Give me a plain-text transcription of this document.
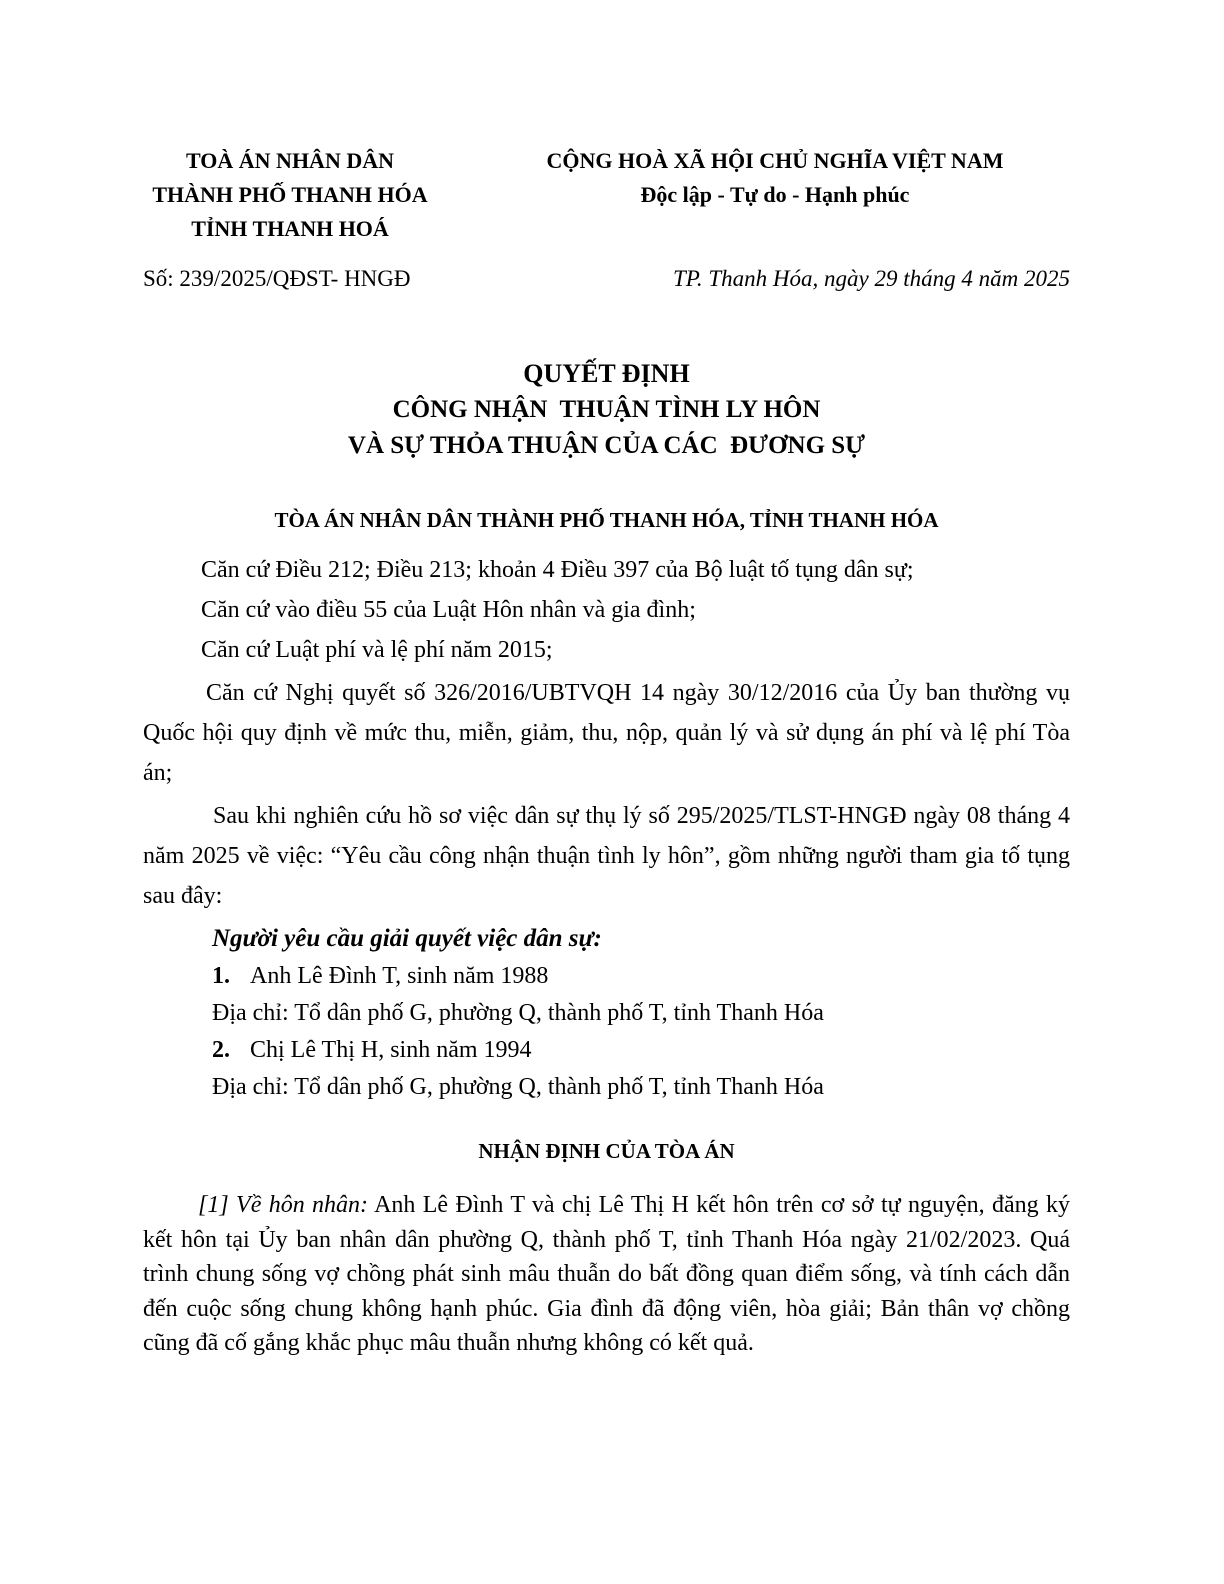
TOÀ ÁN NHÂN DÂN
THÀNH PHỐ THANH HÓA
TỈNH THANH HOÁ
CỘNG HOÀ XÃ HỘI CHỦ NGHĨA VIỆT NAM
Độc lập - Tự do - Hạnh phúc
Số: 239/2025/QĐST- HNGĐ	TP. Thanh Hóa, ngày 29 tháng 4 năm 2025
QUYẾT ĐỊNH
CÔNG NHẬN  THUẬN TÌNH LY HÔN
VÀ SỰ THỎA THUẬN CỦA CÁC  ĐƯƠNG SỰ
TÒA ÁN NHÂN DÂN THÀNH PHỐ THANH HÓA, TỈNH THANH HÓA

Căn cứ Điều 212; Điều 213; khoản 4 Điều 397 của Bộ luật tố tụng dân sự;

Căn cứ vào điều 55 của Luật Hôn nhân và gia đình;

Căn cứ Luật phí và lệ phí năm 2015;

Căn cứ Nghị quyết số 326/2016/UBTVQH 14 ngày 30/12/2016 của Ủy ban thường vụ Quốc hội quy định về mức thu, miễn, giảm, thu, nộp, quản lý và sử dụng án phí và lệ phí Tòa án;

Sau khi nghiên cứu hồ sơ việc dân sự thụ lý số 295/2025/TLST-HNGĐ ngày 08 tháng 4 năm 2025 về việc: “Yêu cầu công nhận thuận tình ly hôn”, gồm những người tham gia tố tụng sau đây:

Người yêu cầu giải quyết việc dân sự:

1. Anh Lê Đình T, sinh năm 1988

Địa chỉ: Tổ dân phố G, phường Q, thành phố T, tỉnh Thanh Hóa

2. Chị Lê Thị H, sinh năm 1994

Địa chỉ: Tổ dân phố G, phường Q, thành phố T, tỉnh Thanh Hóa

NHẬN ĐỊNH CỦA TÒA ÁN

[1] Về hôn nhân: Anh Lê Đình T và chị Lê Thị H kết hôn trên cơ sở tự nguyện, đăng ký kết hôn tại Ủy ban nhân dân phường Q, thành phố T, tỉnh Thanh Hóa ngày 21/02/2023. Quá trình chung sống vợ chồng phát sinh mâu thuẫn do bất đồng quan điểm sống, và tính cách dẫn đến cuộc sống chung không hạnh phúc. Gia đình đã động viên, hòa giải; Bản thân vợ chồng cũng đã cố gắng khắc phục mâu thuẫn nhưng không có kết quả.
